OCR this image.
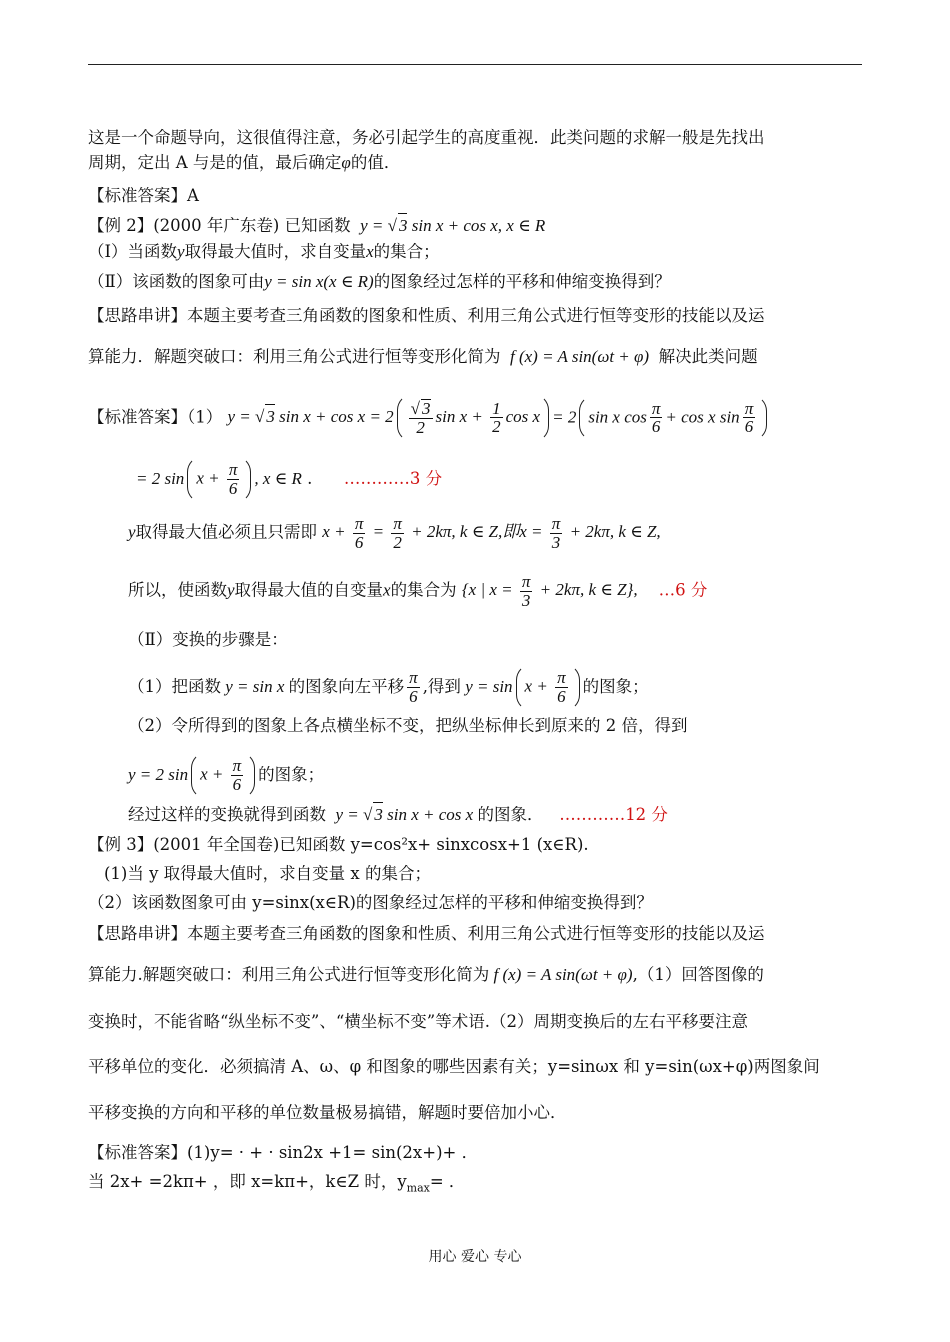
这是一个命题导向，这很值得注意，务必引起学生的高度重视．此类问题的求解一般是先找出
周期，定出 A 与是的值，最后确定φ的值．
【标准答案】A
【例 2】(2000 年广东卷) 已知函数  y = √ 3 sin x + cos x, x ∈ R
（Ⅰ）当函数y取得最大值时，求自变量x的集合；
（Ⅱ）该函数的图象可由y = sin x(x ∈ R)的图象经过怎样的平移和伸缩变换得到？
【思路串讲】本题主要考查三角函数的图象和性质、利用三角公式进行恒等变形的技能以及运
算能力．解题突破口：利用三角公式进行恒等变形化简为  f (x) = A sin(ωt + φ)  解决此类问题
【标准答案】（1） y = √ 3 $\sin x + \cos x = 2 \frac{√ 3}{2}$ $\sin x + \frac{1}{2}$ cos x = 2 sin x $\cos \frac{\pi}{6} + \cos x$ $\sin \frac{\pi}{6}$
= 2 $\sin x + \frac{\pi}{6}$ , x ∈ R .      …………3 分
y取得最大值必须且只需即 $x + \frac{\pi}{6} = \frac{\pi}{2} + 2k\pi$, k ∈ Z,即$x = \frac{\pi}{3} + 2k\pi$, k ∈ Z,
所以，使函数y取得最大值的自变量x的集合为 {x | $x = \frac{\pi}{3} + 2k\pi$, k ∈ Z}, …6 分
（Ⅱ）变换的步骤是：
（1）把函数 y = sin x 的图象向左平移 $\frac{\pi}{6}$ ,得到 $y = \sin x + \frac{\pi}{6}$ 的图象；
（2）令所得到的图象上各点横坐标不变，把纵坐标伸长到原来的 2 倍，得到
y = 2 $\sin x + \frac{\pi}{6}$ 的图象；
经过这样的变换就得到函数  y = √ 3 sin x + cos x 的图象． …………12 分
【例 3】(2001 年全国卷)已知函数 y=cos²x+ sinxcosx+1 (x∈R).
(1)当 y 取得最大值时，求自变量 x 的集合；
（2）该函数图象可由 y=sinx(x∈R)的图象经过怎样的平移和伸缩变换得到？
【思路串讲】本题主要考查三角函数的图象和性质、利用三角公式进行恒等变形的技能以及运
算能力.解题突破口：利用三角公式进行恒等变形化简为 f (x) = A sin(ωt + φ),（1）回答图像的
变换时，不能省略“纵坐标不变”、“横坐标不变”等术语.（2）周期变换后的左右平移要注意
平移单位的变化．必须搞清 A、ω、φ 和图象的哪些因素有关；y=sinωx 和 y=sin(ωx+φ)两图象间
平移变换的方向和平移的单位数量极易搞错，解题时要倍加小心．
【标准答案】(1)y= · + · sin2x +1= sin(2x+)+ ．
当 2x+ =2kπ+ ，即 x=kπ+，k∈Z 时，$y_{max}=$ ．
用心 爱心 专心
